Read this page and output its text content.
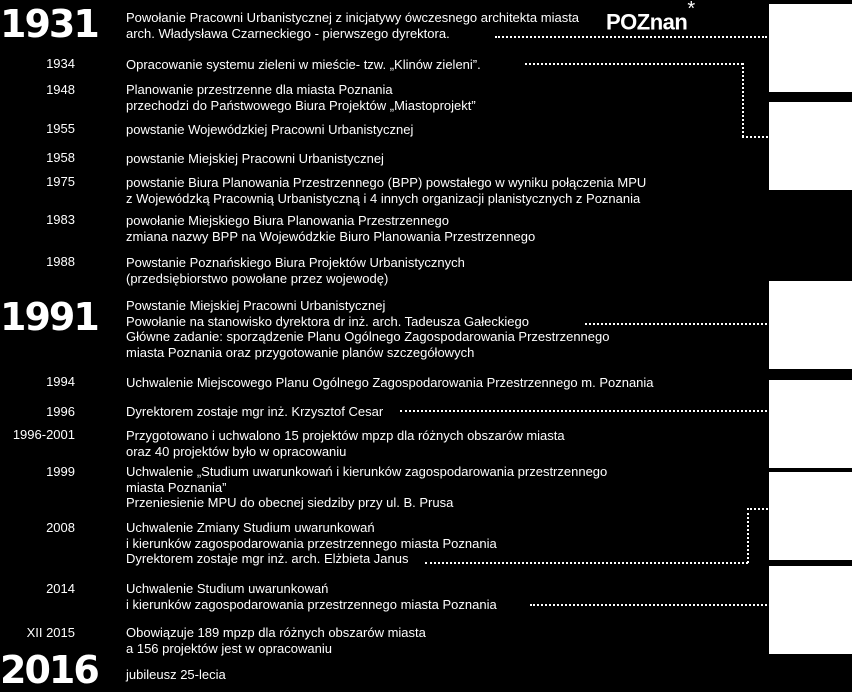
POZnan*
1931 Powołanie Pracowni Urbanistycznej z inicjatywy ówczesnego architekta miasta
arch. Władysława Czarneckiego - pierwszego dyrektora.
1934	Opracowanie systemu zieleni w mieście- tzw. „Klinów zieleni”.
1948	Planowanie przestrzenne dla miasta Poznania
przechodzi do Państwowego Biura Projektów „Miastoprojekt”
1955	powstanie Wojewódzkiej Pracowni Urbanistycznej
1958	powstanie Miejskiej Pracowni Urbanistycznej
1975	powstanie Biura Planowania Przestrzennego (BPP) powstałego w wyniku połączenia MPU
z Wojewódzką Pracownią Urbanistyczną i 4 innych organizacji planistycznych z Poznania
1983	powołanie Miejskiego Biura Planowania Przestrzennego
zmiana nazwy BPP na Wojewódzkie Biuro Planowania Przestrzennego
1988	Powstanie Poznańskiego Biura Projektów Urbanistycznych
(przedsiębiorstwo powołane przez wojewodę)
1991 Powstanie Miejskiej Pracowni Urbanistycznej
Powołanie na stanowisko dyrektora dr inż. arch. Tadeusza Gałeckiego
Główne zadanie: sporządzenie Planu Ogólnego Zagospodarowania Przestrzennego
miasta Poznania oraz przygotowanie planów szczegółowych
1994	Uchwalenie Miejscowego Planu Ogólnego Zagospodarowania Przestrzennego m. Poznania
1996	Dyrektorem zostaje mgr inż. Krzysztof Cesar
1996-2001	Przygotowano i uchwalono 15 projektów mpzp dla różnych obszarów miasta
oraz 40 projektów było w opracowaniu
1999	Uchwalenie „Studium uwarunkowań i kierunków zagospodarowania przestrzennego
miasta Poznania”
Przeniesienie MPU do obecnej siedziby przy ul. B. Prusa
2008	Uchwalenie Zmiany Studium uwarunkowań
i kierunków zagospodarowania przestrzennego miasta Poznania
Dyrektorem zostaje mgr inż. arch. Elżbieta Janus
2014	Uchwalenie Studium uwarunkowań
i kierunków zagospodarowania przestrzennego miasta Poznania
XII 2015	Obowiązuje 189 mpzp dla różnych obszarów miasta
a 156 projektów jest w opracowaniu
2016 jubileusz 25-lecia
